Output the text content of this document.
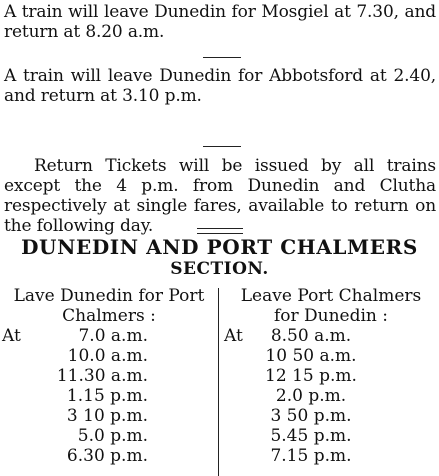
A train will leave Dunedin for Mosgiel at 7.30, and return at 8.20 a.m.

A train will leave Dunedin for Abbotsford at 2.40, and return at 3.10 p.m.

Return Tickets will be issued by all trains except the 4 p.m. from Dunedin and Clutha respectively at single fares, available to return on the following day.

DUNEDIN AND PORT CHALMERS
SECTION.

Lave Dunedin for Port
Chalmers :

At	7.0 a.m.
10.0 a.m.
11.30 a.m.
1.15 p.m.
3 10 p.m.
5.0 p.m.
6.30 p.m.

Leave Port Chalmers
for Dunedin :

At	8.50 a.m.
10 50 a.m.
12 15 p.m.
2.0 p.m.
3 50 p.m.
5.45 p.m.
7.15 p.m.
